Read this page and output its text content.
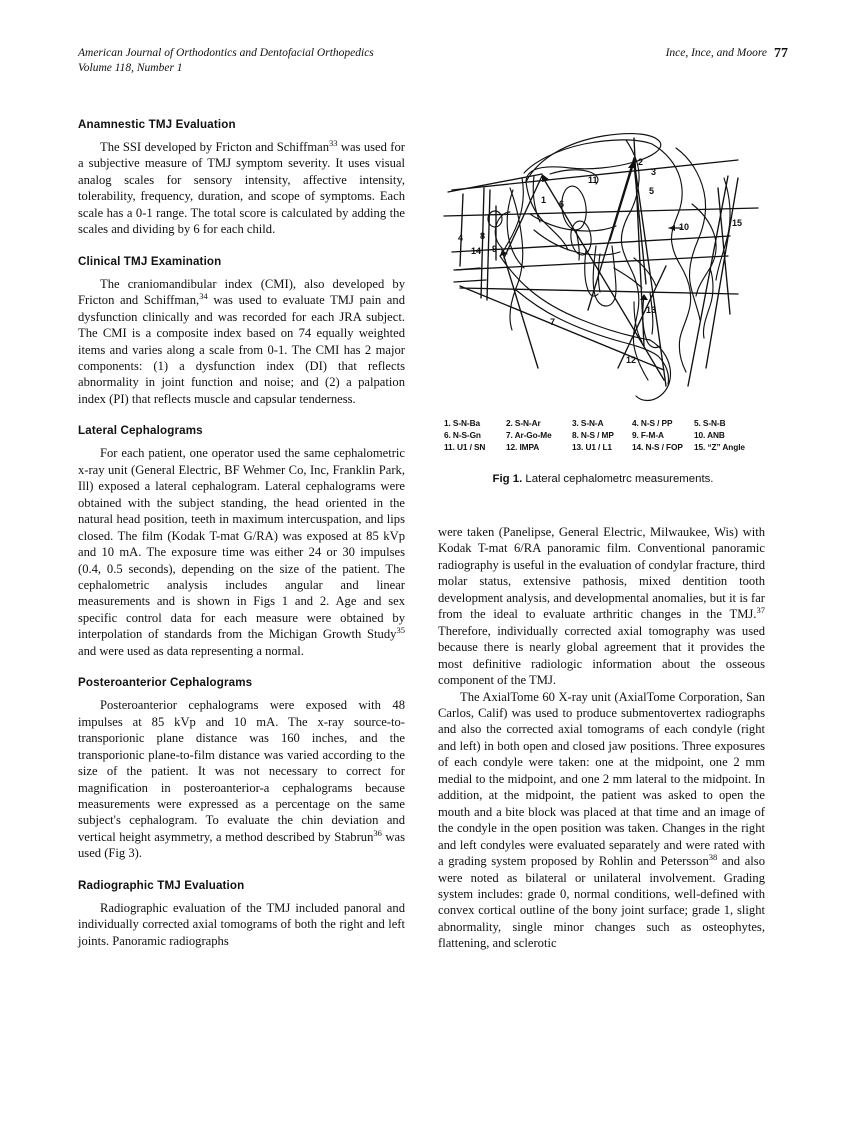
American Journal of Orthodontics and Dentofacial Orthopedics
Volume 118, Number 1
Ince, Ince, and Moore 77
Anamnestic TMJ Evaluation

The SSI developed by Fricton and Schiffman$^{33}$ was used for a subjective measure of TMJ symptom severity. It uses visual analog scales for sensory intensity, affective intensity, tolerability, frequency, duration, and scope of symptoms. Each scale has a 0-1 range. The total score is calculated by adding the scales and dividing by 6 for each child.

Clinical TMJ Examination

The craniomandibular index (CMI), also developed by Fricton and Schiffman,$^{34}$ was used to evaluate TMJ pain and dysfunction clinically and was recorded for each JRA subject. The CMI is a composite index based on 74 equally weighted items and varies along a scale from 0-1. The CMI has 2 major components: (1) a dysfunction index (DI) that reflects abnormality in joint function and noise; and (2) a palpation index (PI) that reflects muscle and capsular tenderness.

Lateral Cephalograms

For each patient, one operator used the same cephalometric x-ray unit (General Electric, BF Wehmer Co, Inc, Franklin Park, Ill) exposed a lateral cephalogram. Lateral cephalograms were obtained with the subject standing, the head oriented in the natural head position, teeth in maximum intercuspation, and lips closed. The film (Kodak T-mat G/RA) was exposed at 85 kVp and 10 mA. The exposure time was either 24 or 30 impulses (0.4, 0.5 seconds), depending on the size of the patient. The cephalometric analysis includes angular and linear measurements and is shown in Figs 1 and 2. Age and sex specific control data for each measure were obtained by interpolation of standards from the Michigan Growth Study$^{35}$ and were used as data representing a normal.

Posteroanterior Cephalograms

Posteroanterior cephalograms were exposed with 48 impulses at 85 kVp and 10 mA. The x-ray source-to-transporionic plane distance was 160 inches, and the transporionic plane-to-film distance was varied according to the size of the patient. It was not necessary to correct for magnification in posteroanterior-a cephalograms because measurements were expressed as a percentage on the same subject's cephalogram. To evaluate the chin deviation and vertical height asymmetry, a method described by Stabrun$^{36}$ was used (Fig 3).

Radiographic TMJ Evaluation

Radiographic evaluation of the TMJ included panoral and individually corrected axial tomograms of both the right and left joints. Panoramic radiographs

1
2
3
5
6
11
4 8
9
14
10	15
13
7
12
1. S-N-Ba	2. S-N-Ar	3. S-N-A	4. N-S / PP	5. S-N-B
6. N-S-Gn	7. Ar-Go-Me	8. N-S / MP	9. F-M-A	10. ANB
11. U1 / SN	12. IMPA	13. U1 / L1	14. N-S / FOP	15. “Z” Angle
Fig 1. Lateral cephalometrc measurements.

were taken (Panelipse, General Electric, Milwaukee, Wis) with Kodak T-mat 6/RA panoramic film. Conventional panoramic radiography is useful in the evaluation of condylar fracture, third molar status, extensive pathosis, mixed dentition tooth development analysis, and developmental anomalies, but it is far from the ideal to evaluate arthritic changes in the TMJ.$^{37}$ Therefore, individually corrected axial tomography was used because there is nearly global agreement that it provides the most definitive radiologic information about the osseous component of the TMJ.

The AxialTome 60 X-ray unit (AxialTome Corporation, San Carlos, Calif) was used to produce submentovertex radiographs and also the corrected axial tomograms of each condyle (right and left) in both open and closed jaw positions. Three exposures of each condyle were taken: one at the midpoint, one 2 mm medial to the midpoint, and one 2 mm lateral to the midpoint. In addition, at the midpoint, the patient was asked to open the mouth and a bite block was placed at that time and an image of the condyle in the open position was taken. Changes in the right and left condyles were evaluated separately and were rated with a grading system proposed by Rohlin and Petersson$^{38}$ and also were noted as bilateral or unilateral involvement. Grading system includes: grade 0, normal conditions, well-defined with convex cortical outline of the bony joint surface; grade 1, slight abnormality, single minor changes such as osteophytes, flattening, and sclerotic
